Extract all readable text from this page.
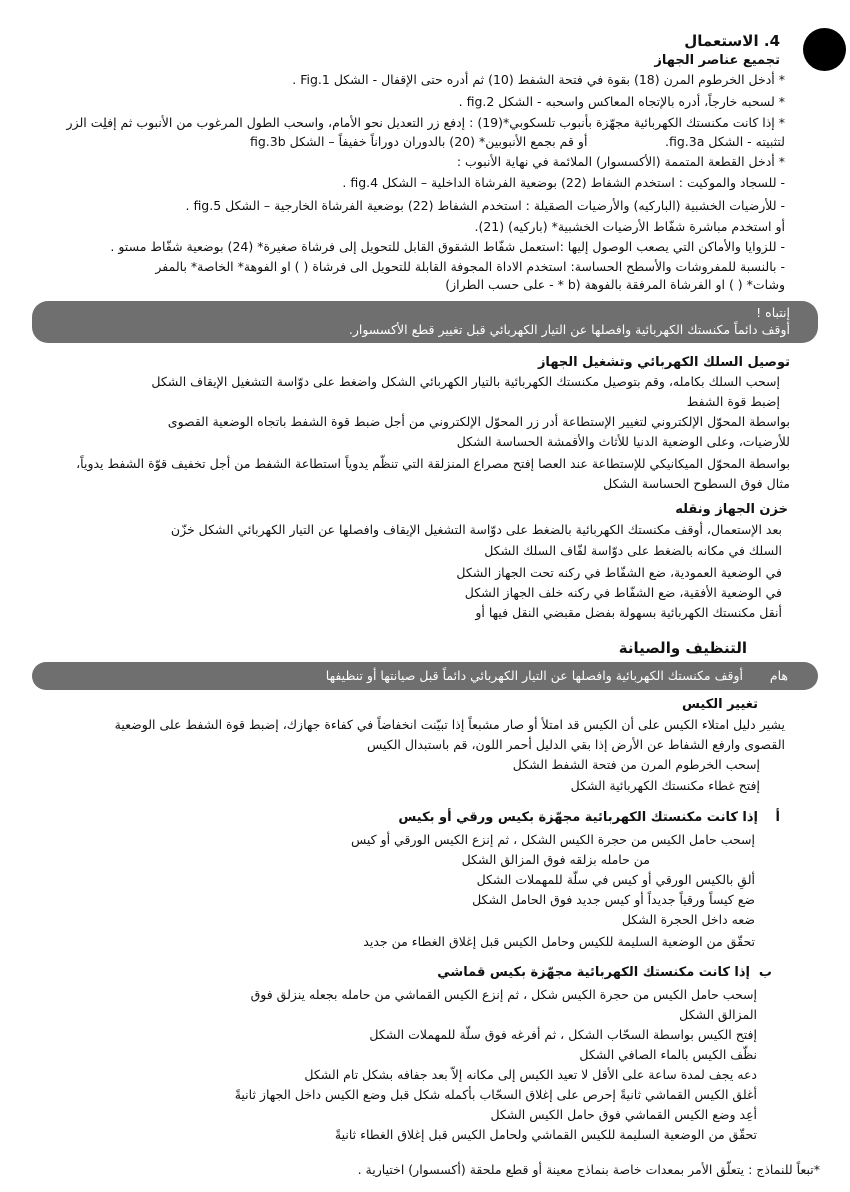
4. الاستعمال
تجميع عناصر الجهاز
* أدخل الخرطوم المرن (18) بقوة في فتحة الشفط (10) ثم أدره حتى الإقفال - الشكل Fig.1 .
* لسحبه خارجاً، أدره بالإتجاه المعاكس واسحبه - الشكل fig.2 .
* إذا كانت مكنستك الكهربائية مجهّزة بأنبوب تلسكوبي*(19) : إدفع زر التعديل نحو الأمام، واسحب الطول المرغوب من الأنبوب ثم إفلِت الزر
لتثبيته - الشكل fig.3a.
أو قم بجمع الأنبوبين* (20) بالدوران دوراناً خفيفاً – الشكل fig.3b
* أدخل القطعة المتممة (الأكسسوار) الملائمة في نهاية الأنبوب :
- للسجاد والموكيت : استخدم الشفاط (22) بوضعية الفرشاة الداخلية – الشكل fig.4 .
- للأرضيات الخشبية (الباركيه) والأرضيات الصقيلة : استخدم الشفاط (22) بوضعية الفرشاة الخارجية – الشكل fig.5 .
أو استخدم مباشرة شفّاط الأرضيات الخشبية* (باركيه) (21).
- للزوايا والأماكن التي يصعب الوصول إليها :استعمل شفّاط الشقوق القابل للتحويل إلى فرشاة صغيرة* (24) بوضعية شفّاط مستو .
- بالنسبة للمفروشات والأسطح الحساسة: استخدم الاداة المجوفة القابلة للتحويل الى فرشاة ( ) او الفوهة* الخاصة* بالمفر
وشات* ( ) او الفرشاة المرفقة بالفوهة (b * - على حسب الطراز)
إنتباه !
أوقف دائماً مكنستك الكهربائية وافصلها عن التيار الكهربائي قبل تغيير قطع الأكسسوار.
توصيل السلك الكهربائي وتشغيل الجهاز
إسحب السلك بكامله، وقم بتوصيل مكنستك الكهربائية بالتيار الكهربائي الشكل واضغط على دوّاسة التشغيل الإيقاف الشكل
إضبط قوة الشفط
بواسطة المحوّل الإلكتروني لتغيير الإستطاعة أدر زر المحوّل الإلكتروني من أجل ضبط قوة الشفط باتجاه الوضعية القصوى
للأرضيات، وعلى الوضعية الدنيا للأثاث والأقمشة الحساسة الشكل
بواسطة المحوّل الميكانيكي للإستطاعة عند العصا إفتح مصراع المنزلقة التي تنظّم يدوياً استطاعة الشفط من أجل تخفيف قوّة الشفط يدوياً،
مثال فوق السطوح الحساسة الشكل
خزن الجهاز ونقله
بعد الإستعمال، أوقف مكنستك الكهربائية بالضغط على دوّاسة التشغيل الإيقاف وافصلها عن التيار الكهربائي الشكل خزّن
السلك في مكانه بالضغط على دوّاسة لفّاف السلك الشكل
في الوضعية العمودية، ضع الشفّاط في ركنه تحت الجهاز الشكل
في الوضعية الأفقية، ضع الشفّاط في ركنه خلف الجهاز الشكل
أنقل مكنستك الكهربائية بسهولة بفضل مقبضي النقل فيها أو
التنظيف والصيانة
هام
أوقف مكنستك الكهربائية وافصلها عن التيار الكهربائي دائماً قبل صيانتها أو تنظيفها
تغيير الكيس
يشير دليل امتلاء الكيس على أن الكيس قد امتلأ أو صار مشبعاً إذا تبيّنت انخفاضاً في كفاءة جهازك، إضبط قوة الشفط على الوضعية
القصوى وارفع الشفاط عن الأرض إذا بقي الدليل أحمر اللون، قم باستبدال الكيس
إسحب الخرطوم المرن من فتحة الشفط الشكل
إفتح غطاء مكنستك الكهربائية الشكل
أ
إذا كانت مكنستك الكهربائية مجهّزة بكيس ورقي أو بكيس
إسحب حامل الكيس من حجرة الكيس الشكل ، ثم إنزع الكيس الورقي أو كيس
من حامله بزلقه فوق المزالق الشكل
ألقِ بالكيس الورقي أو كيس في سلّة للمهملات الشكل
ضع كيساً ورقياً جديداً أو كيس جديد فوق الحامل الشكل
ضعه داخل الحجرة الشكل
تحقّق من الوضعية السليمة للكيس وحامل الكيس قبل إغلاق الغطاء من جديد
ب
إذا كانت مكنستك الكهربائية مجهّزة بكيس قماشي
إسحب حامل الكيس من حجرة الكيس شكل ، ثم إنزع الكيس القماشي من حامله بجعله ينزلق فوق
المزالق الشكل
إفتح الكيس بواسطة السحّاب الشكل ، ثم أفرغه فوق سلّة للمهملات الشكل
نظّف الكيس بالماء الصافي الشكل
دعه يجف لمدة ساعة على الأقل لا تعيد الكيس إلى مكانه إلاّ بعد جفافه بشكل تام الشكل
أغلق الكيس القماشي ثانيةً إحرص على إغلاق السحّاب بأكمله شكل قبل وضع الكيس داخل الجهاز ثانيةً
أعِد وضع الكيس القماشي فوق حامل الكيس الشكل
تحقّق من الوضعية السليمة للكيس القماشي ولحامل الكيس قبل إغلاق الغطاء ثانيةً
*تبعاً للنماذج : يتعلّق الأمر بمعدات خاصة بنماذج معينة أو قطع ملحقة (أكسسوار) اختيارية .
